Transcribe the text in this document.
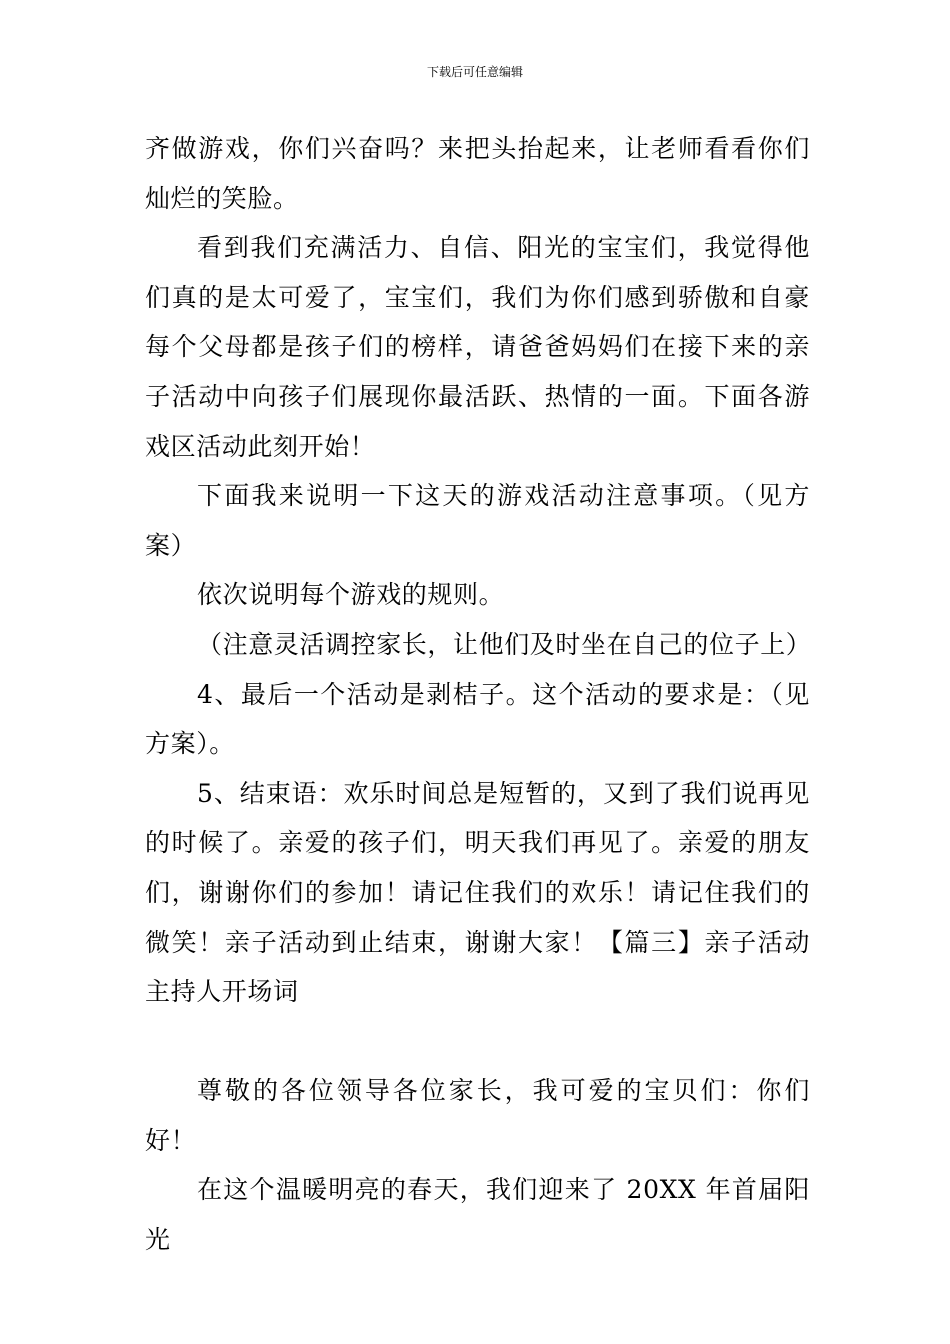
下载后可任意编辑

齐做游戏，你们兴奋吗？来把头抬起来，让老师看看你们灿烂的笑脸。

看到我们充满活力、自信、阳光的宝宝们，我觉得他们真的是太可爱了，宝宝们，我们为你们感到骄傲和自豪每个父母都是孩子们的榜样，请爸爸妈妈们在接下来的亲子活动中向孩子们展现你最活跃、热情的一面。下面各游戏区活动此刻开始！

下面我来说明一下这天的游戏活动注意事项。（见方案）

依次说明每个游戏的规则。

（注意灵活调控家长，让他们及时坐在自己的位子上）

4、最后一个活动是剥桔子。这个活动的要求是：（见方案）。

5、结束语：欢乐时间总是短暂的，又到了我们说再见的时候了。亲爱的孩子们，明天我们再见了。亲爱的朋友们，谢谢你们的参加！请记住我们的欢乐！请记住我们的微笑！亲子活动到止结束，谢谢大家！【篇三】亲子活动主持人开场词

尊敬的各位领导各位家长，我可爱的宝贝们：你们好！

在这个温暖明亮的春天，我们迎来了 20XX 年首届阳光
